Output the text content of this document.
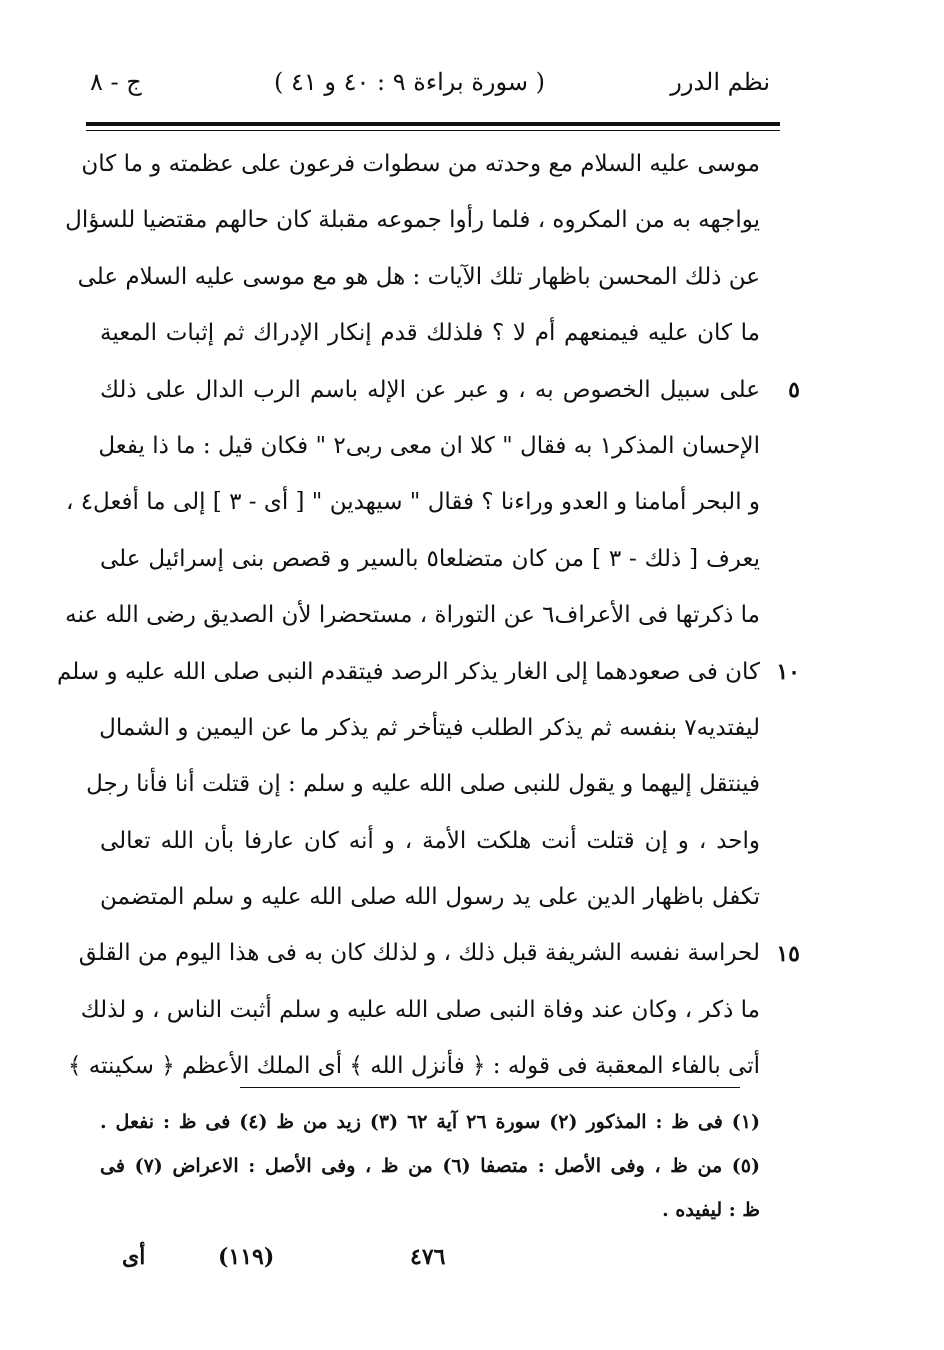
نظم الدرر
( سورة براءة ٩ : ٤٠ و ٤١ )
ج - ٨
موسى عليه السلام مع وحدته من سطوات فرعون على عظمته و ما كان
يواجهه به من المكروه ، فلما رأوا جموعه مقبلة كان حالهم مقتضيا للسؤال
عن ذلك المحسن باظهار تلك الآيات : هل هو مع موسى عليه السلام على
ما كان عليه فيمنعهم أم لا ؟ فلذلك قدم إنكار الإدراك ثم إثبات المعية
على سبيل الخصوص به ، و عبر عن الإله باسم الرب الدال على ذلك
الإحسان المذكر١ به فقال " كلا ان معى ربى٢ " فكان قيل : ما ذا يفعل
و البحر أمامنا و العدو وراءنا ؟ فقال " سيهدين " [ أى - ٣ ] إلى ما أفعل٤ ،
يعرف [ ذلك - ٣ ] من كان متضلعا٥ بالسير و قصص بنى إسرائيل على
ما ذكرتها فى الأعراف٦ عن التوراة ، مستحضرا لأن الصديق رضى الله عنه
كان فى صعودهما إلى الغار يذكر الرصد فيتقدم النبى صلى الله عليه و سلم
ليفتديه٧ بنفسه ثم يذكر الطلب فيتأخر ثم يذكر ما عن اليمين و الشمال
فينتقل إليهما و يقول للنبى صلى الله عليه و سلم : إن قتلت أنا فأنا رجل
واحد ، و إن قتلت أنت هلكت الأمة ، و أنه كان عارفا بأن الله تعالى
تكفل باظهار الدين على يد رسول الله صلى الله عليه و سلم المتضمن
لحراسة نفسه الشريفة قبل ذلك ، و لذلك كان به فى هذا اليوم من القلق
ما ذكر ، وكان عند وفاة النبى صلى الله عليه و سلم أثبت الناس ، و لذلك
أتى بالفاء المعقبة فى قوله : ﴿ فأنزل الله ﴾ أى الملك الأعظم ﴿ سكينته ﴾
٥
١٠
١٥
(١) فى ظ : المذكور (٢) سورة ٢٦ آية ٦٢ (٣) زيد من ظ (٤) فى ظ : نفعل .
(٥) من ظ ، وفى الأصل : متصفا (٦) من ظ ، وفى الأصل : الاعراض (٧) فى
ظ : ليفيده .
أى	(١١٩)	٤٧٦
